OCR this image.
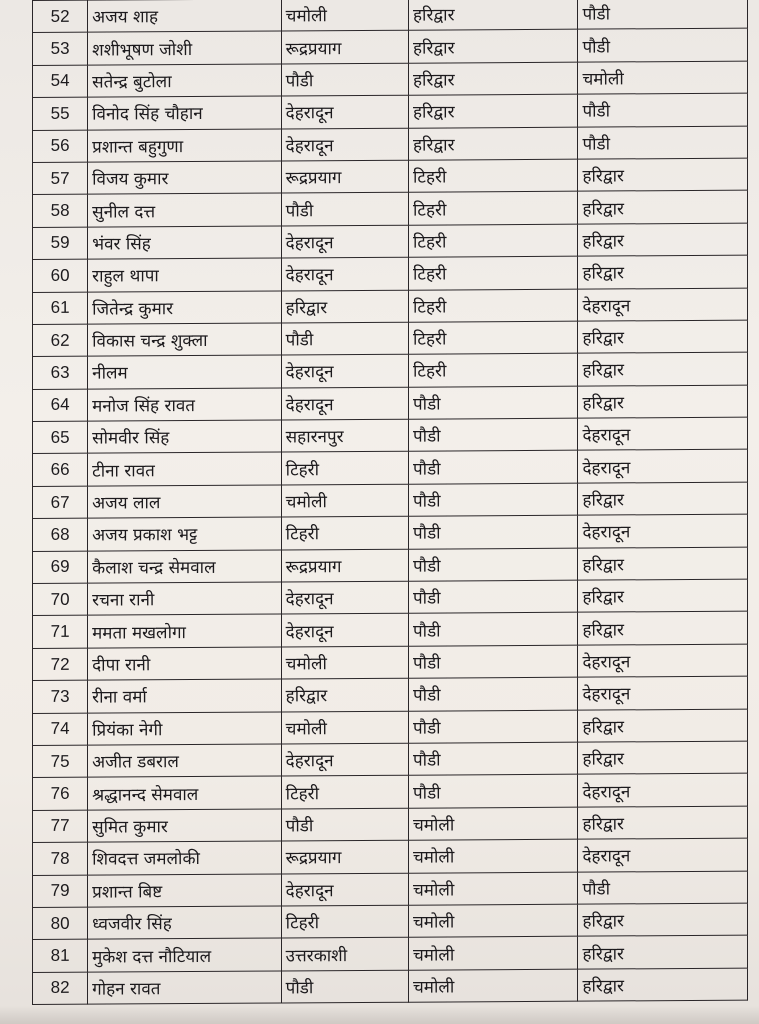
52	अजय शाह	चमोली	हरिद्वार	पौडी
53	शशीभूषण जोशी	रूद्रप्रयाग	हरिद्वार	पौडी
54	सतेन्द्र बुटोला	पौडी	हरिद्वार	चमोली
55	विनोद सिंह चौहान	देहरादून	हरिद्वार	पौडी
56	प्रशान्त बहुगुणा	देहरादून	हरिद्वार	पौडी
57	विजय कुमार	रूद्रप्रयाग	टिहरी	हरिद्वार
58	सुनील दत्त	पौडी	टिहरी	हरिद्वार
59	भंवर सिंह	देहरादून	टिहरी	हरिद्वार
60	राहुल थापा	देहरादून	टिहरी	हरिद्वार
61	जितेन्द्र कुमार	हरिद्वार	टिहरी	देहरादून
62	विकास चन्द्र शुक्ला	पौडी	टिहरी	हरिद्वार
63	नीलम	देहरादून	टिहरी	हरिद्वार
64	मनोज सिंह रावत	देहरादून	पौडी	हरिद्वार
65	सोमवीर सिंह	सहारनपुर	पौडी	देहरादून
66	टीना रावत	टिहरी	पौडी	देहरादून
67	अजय लाल	चमोली	पौडी	हरिद्वार
68	अजय प्रकाश भट्ट	टिहरी	पौडी	देहरादून
69	कैलाश चन्द्र सेमवाल	रूद्रप्रयाग	पौडी	हरिद्वार
70	रचना रानी	देहरादून	पौडी	हरिद्वार
71	ममता मखलोगा	देहरादून	पौडी	हरिद्वार
72	दीपा रानी	चमोली	पौडी	देहरादून
73	रीना वर्मा	हरिद्वार	पौडी	देहरादून
74	प्रियंका नेगी	चमोली	पौडी	हरिद्वार
75	अजीत डबराल	देहरादून	पौडी	हरिद्वार
76	श्रद्धानन्द सेमवाल	टिहरी	पौडी	देहरादून
77	सुमित कुमार	पौडी	चमोली	हरिद्वार
78	शिवदत्त जमलोकी	रूद्रप्रयाग	चमोली	देहरादून
79	प्रशान्त बिष्ट	देहरादून	चमोली	पौडी
80	ध्वजवीर सिंह	टिहरी	चमोली	हरिद्वार
81	मुकेश दत्त नौटियाल	उत्तरकाशी	चमोली	हरिद्वार
82	गोहन रावत	पौडी	चमोली	हरिद्वार
